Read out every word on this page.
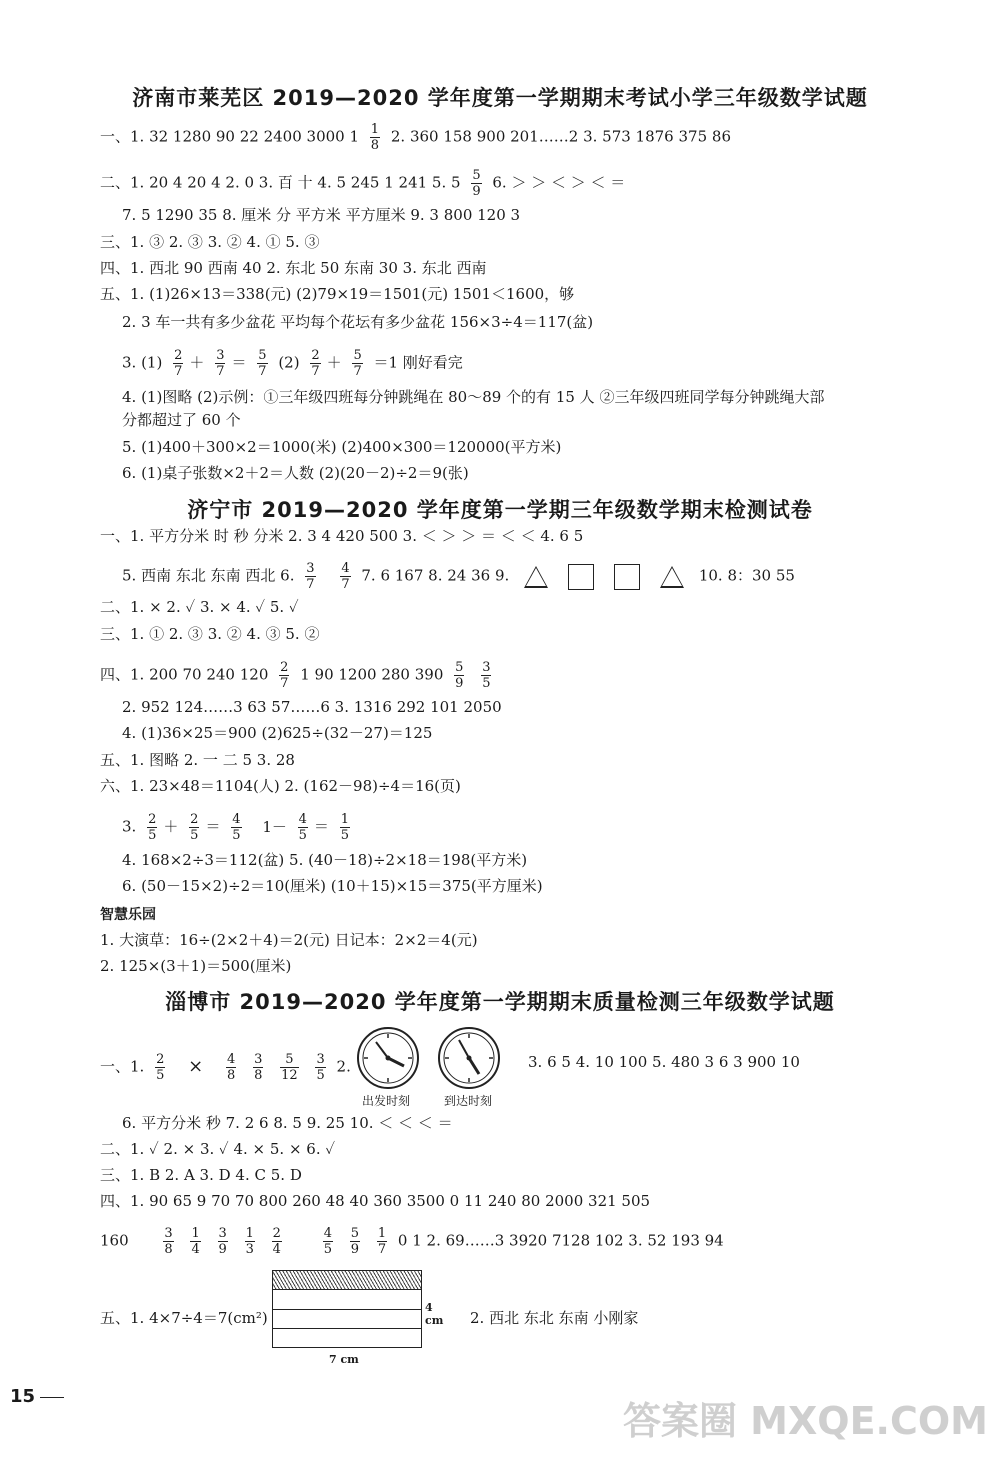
济南市莱芜区 2019—2020 学年度第一学期期末考试小学三年级数学试题
一、1. 32 1280 90 22 2400 3000 $1 \frac{1}{8} 2$. 360 158 900 201……2 3. 573 1876 375 86
二、1. 20 4 20 4 2. 0 3. 百 十 4. 5 245 1 241 5. $5 \frac{5}{9} 6$. ＞ ＞ ＜ ＞ ＜ ＝
7. 5 1290 35 8. 厘米 分 平方米 平方厘米 9. 3 800 120 3
三、1. ③ 2. ③ 3. ② 4. ① 5. ③
四、1. 西北 90 西南 40 2. 东北 50 东南 30 3. 东北 西南
五、1. (1)26×13＝338(元) (2)79×19＝1501(元) 1501＜1600，够
2. 3 车一共有多少盆花 平均每个花坛有多少盆花 156×3÷4＝117(盆)
3. $(1) \frac{2}{7} + \frac{3}{7} = \frac{5}{7} (2) \frac{2}{7} + \frac{5}{7} =1$ 刚好看完
4. (1)图略 (2)示例：①三年级四班每分钟跳绳在 80～89 个的有 15 人 ②三年级四班同学每分钟跳绳大部
分都超过了 60 个
5. (1)400＋300×2＝1000(米) (2)400×300＝120000(平方米)
6. (1)桌子张数×2＋2＝人数 (2)(20－2)÷2＝9(张)
济宁市 2019—2020 学年度第一学期三年级数学期末检测试卷
一、1. 平方分米 时 秒 分米 2. 3 4 420 500 3. ＜ ＞ ＞ ＝ ＜ ＜ 4. 6 5
5. 西南 东北 东南 西北 6. $\frac{3}{7}$
$\frac{4}{7} 7$. 6 167 8. 24 36 9.	10. 8：30 55
二、1. × 2. ✓ 3. × 4. ✓ 5. ✓
三、1. ① 2. ③ 3. ② 4. ③ 5. ②
四、1. 200 70 240 $120 \frac{2}{7} 1$ 90 1200 280 $390 \frac{5}{9}$
$\frac{3}{5}$
2. 952 124……3 63 57……6 3. 1316 292 101 2050
4. (1)36×25＝900 (2)625÷(32－27)＝125
五、1. 图略 2. 一 二 5 3. 28
六、1. 23×48＝1104(人) 2. (162－98)÷4＝16(页)
3. $\frac{2}{5} + \frac{2}{5} = \frac{4}{5} 1- \frac{4}{5} = \frac{1}{5}$
4. 168×2÷3＝112(盆) 5. (40－18)÷2×18＝198(平方米)
6. (50－15×2)÷2＝10(厘米) (10＋15)×15＝375(平方厘米)
智慧乐园
1. 大演草：16÷(2×2＋4)＝2(元) 日记本：2×2＝4(元)
2. 125×(3＋1)＝500(厘米)
淄博市 2019—2020 学年度第一学期期末质量检测三年级数学试题
一、1. $\frac{2}{5} \times \frac{4}{8}$
$\frac{3}{8}$
$\frac{5}{12}$
$\frac{3}{5} 2$.	3. 6 5 4. 10 100 5. 480 3 6 3 900 10
出发时刻	到达时刻
6. 平方分米 秒 7. 2 6 8. 5 9. 25 10. ＜ ＜ ＜ ＝
二、1. ✓ 2. × 3. ✓ 4. × 5. × 6. ✓
三、1. B 2. A 3. D 4. C 5. D
四、1. 90 65 9 70 70 800 260 48 40 360 3500 0 11 240 80 2000 321 505
160	$\frac{3}{8}$
$\frac{1}{4}$
$\frac{3}{9}$
$\frac{1}{3}$
$\frac{2}{4}$
	$\frac{4}{5}$
$\frac{5}{9}$
$\frac{1}{7} 0$ 1 2. 69……3 3920 7128 102 3. 52 193 94
五、1. 4×7÷4＝7(cm²)
4 cm
7 cm
2. 西北 东北 东南 小刚家
15
答案圈 MXQE.COM
